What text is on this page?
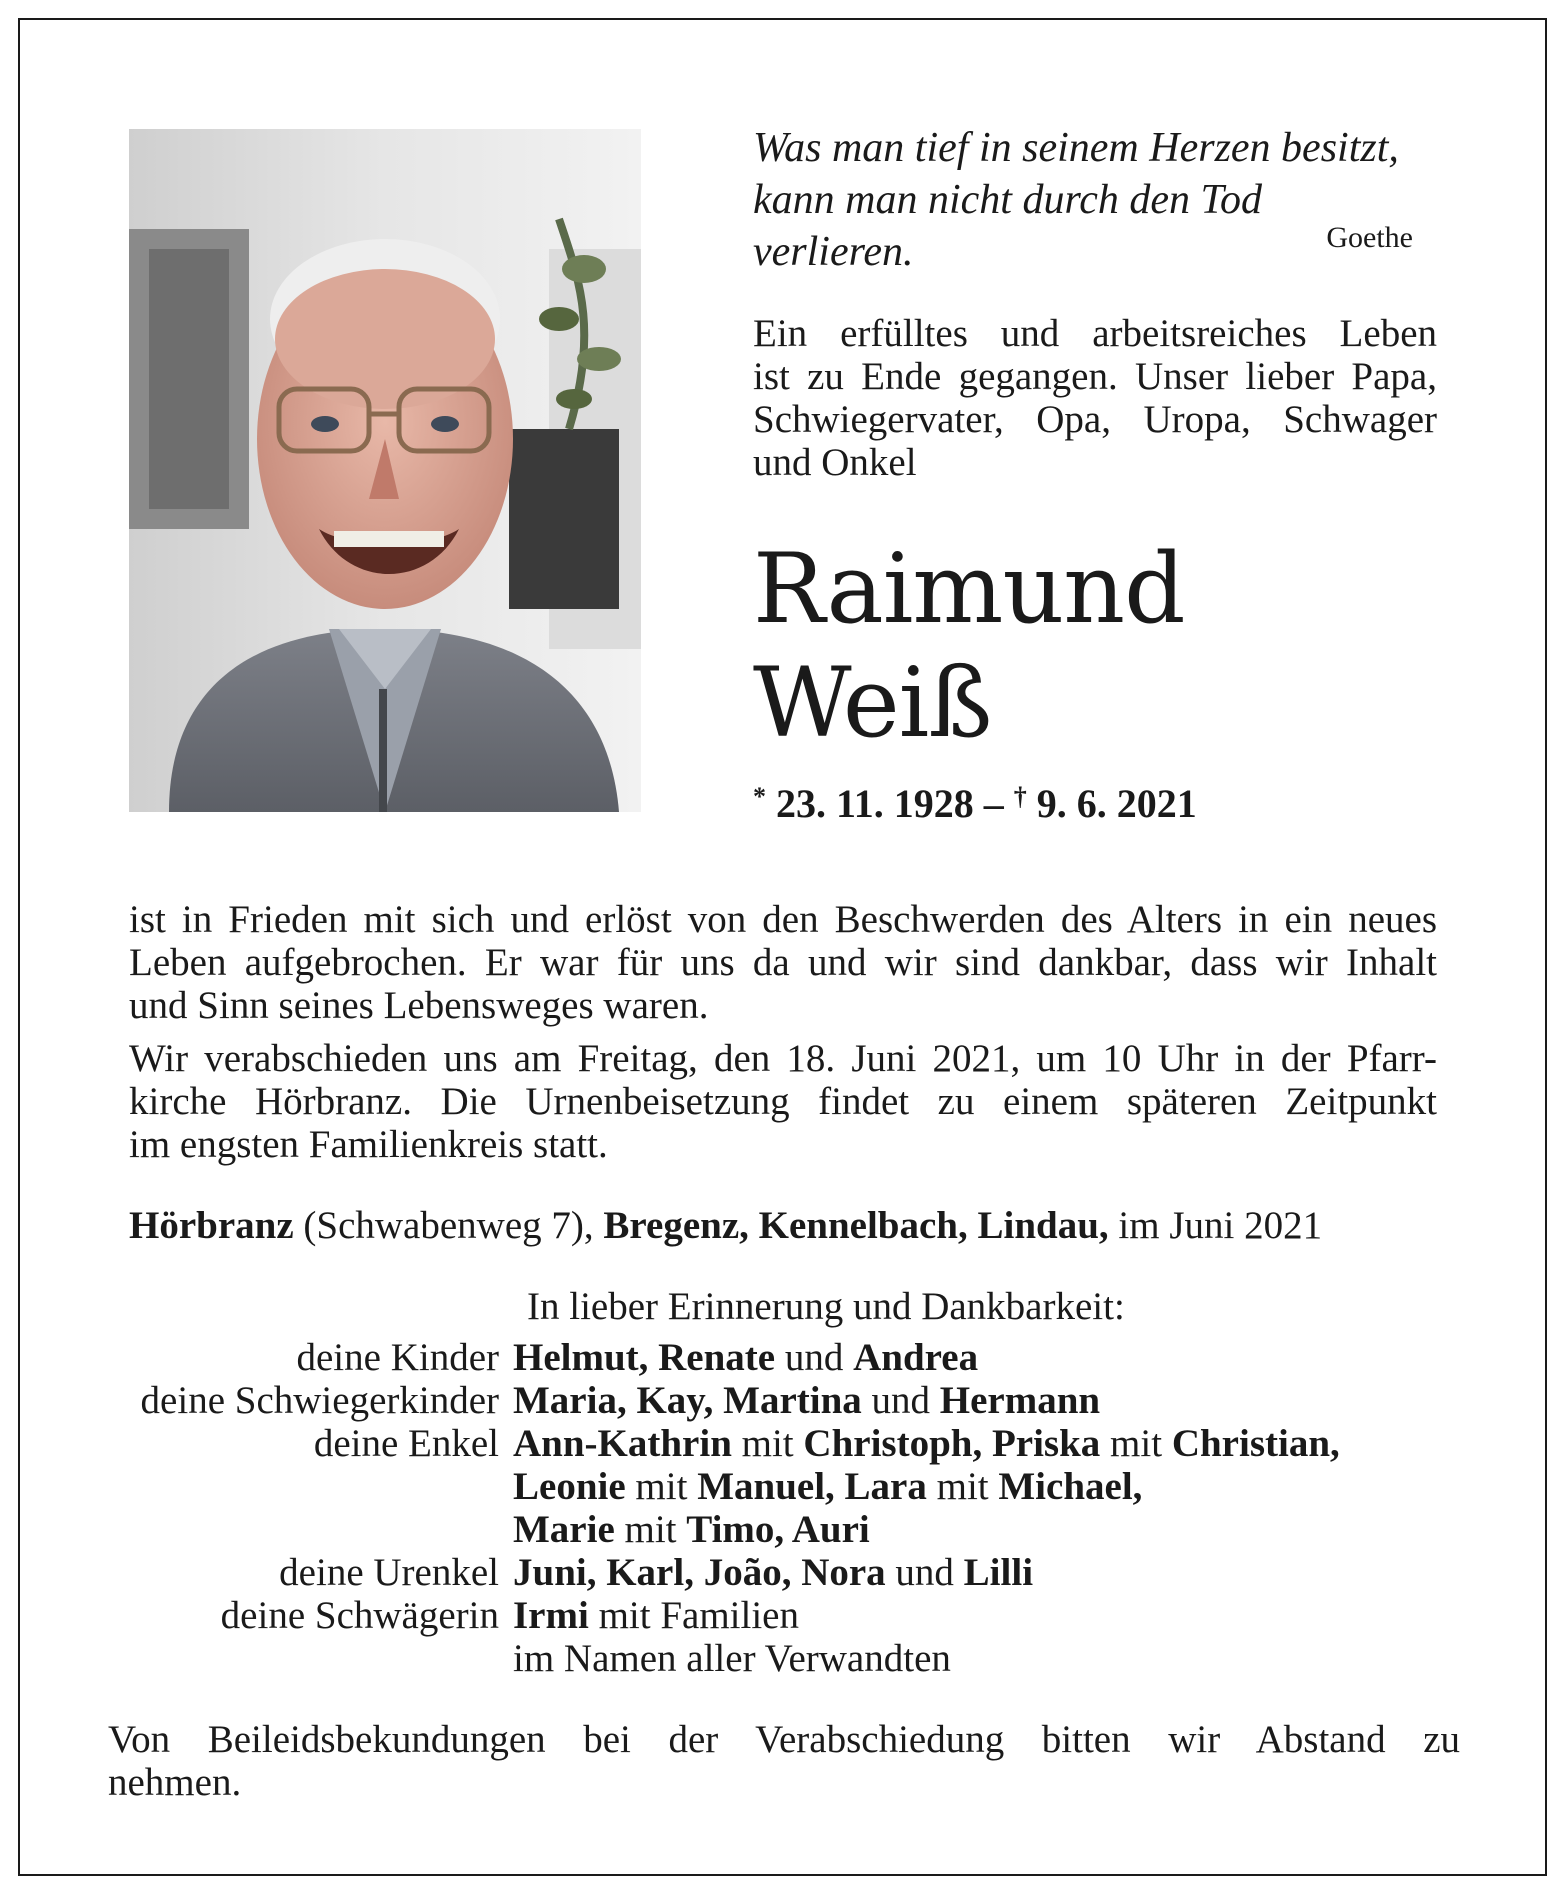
Was man tief in seinem Herzen besitzt,
kann man nicht durch den Tod verlieren.	Goethe
Ein erfülltes und arbeitsreiches Leben
ist zu Ende gegangen. Unser lieber Papa,
Schwiegervater, Opa, Uropa, Schwager
und Onkel
Raimund
Weiß
* 23. 11. 1928 – † 9. 6. 2021
ist in Frieden mit sich und erlöst von den Beschwerden des Alters in ein neues
Leben aufgebrochen. Er war für uns da und wir sind dankbar, dass wir Inhalt
und Sinn seines Lebensweges waren.
Wir verabschieden uns am Freitag, den 18. Juni 2021, um 10 Uhr in der Pfarr-
kirche Hörbranz. Die Urnenbeisetzung findet zu einem späteren Zeitpunkt
im engsten Familienkreis statt.
Hörbranz (Schwabenweg 7), Bregenz, Kennelbach, Lindau, im Juni 2021
In lieber Erinnerung und Dankbarkeit:
deine Kinder Helmut, Renate und Andrea
deine Schwiegerkinder Maria, Kay, Martina und Hermann
deine Enkel Ann-Kathrin mit Christoph, Priska mit Christian,
Leonie mit Manuel, Lara mit Michael,
Marie mit Timo, Auri
deine Urenkel Juni, Karl, João, Nora und Lilli
deine Schwägerin Irmi mit Familien
im Namen aller Verwandten
Von Beileidsbekundungen bei der Verabschiedung bitten wir Abstand zu
nehmen.
